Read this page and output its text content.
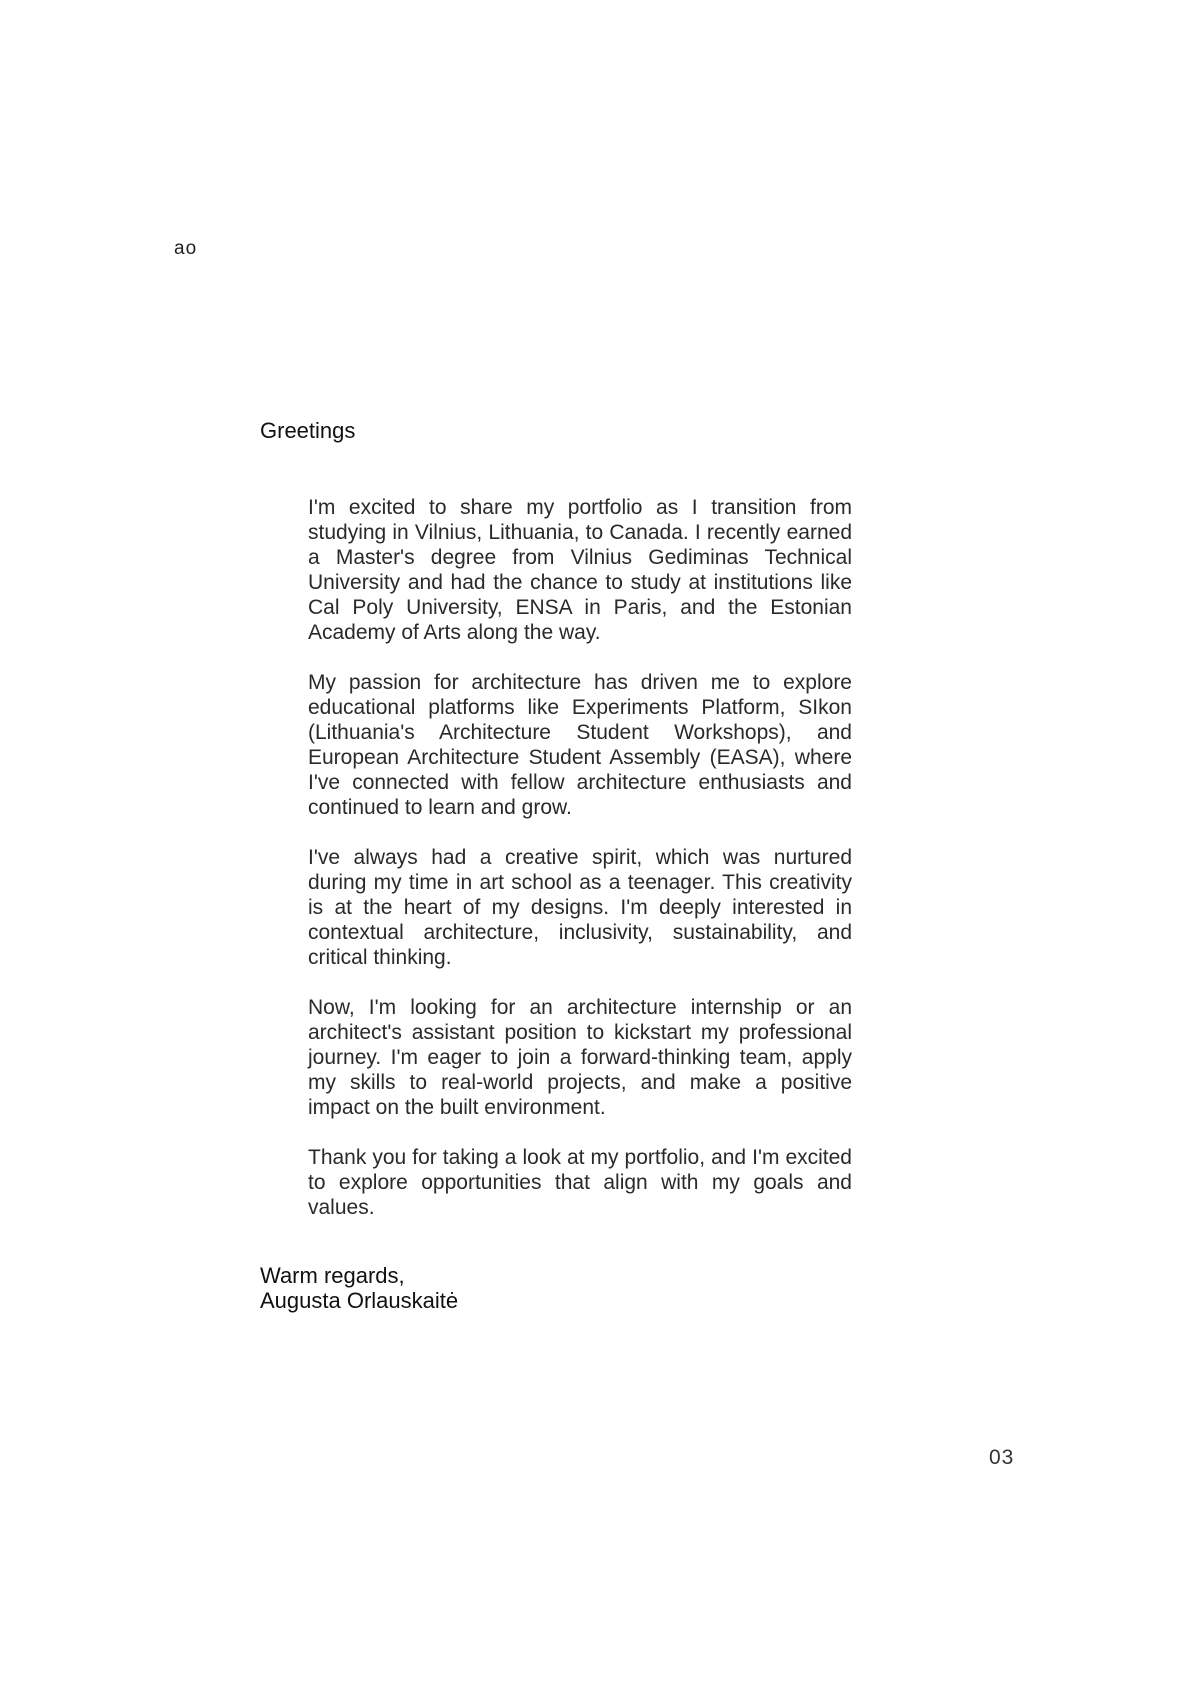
ao
Greetings

I'm excited to share my portfolio as I transition from studying in Vilnius, Lithuania, to Canada. I recently earned a Master's degree from Vilnius Gediminas Technical University and had the chance to study at institutions like Cal Poly University, ENSA in Paris, and the Estonian Academy of Arts along the way.

My passion for architecture has driven me to explore educational platforms like Experiments Platform, SIkon (Lithuania's Architecture Student Workshops), and European Architecture Student Assembly (EASA), where I've connected with fellow architecture enthusiasts and continued to learn and grow.

I've always had a creative spirit, which was nurtured during my time in art school as a teenager. This creativity is at the heart of my designs. I'm deeply interested in contextual architecture, inclusivity, sustainability, and critical thinking.

Now, I'm looking for an architecture internship or an architect's assistant position to kickstart my professional journey. I'm eager to join a forward-thinking team, apply my skills to real-world projects, and make a positive impact on the built environment.

Thank you for taking a look at my portfolio, and I'm excited to explore opportunities that align with my goals and values.

Warm regards,
Augusta Orlauskaitė
03
